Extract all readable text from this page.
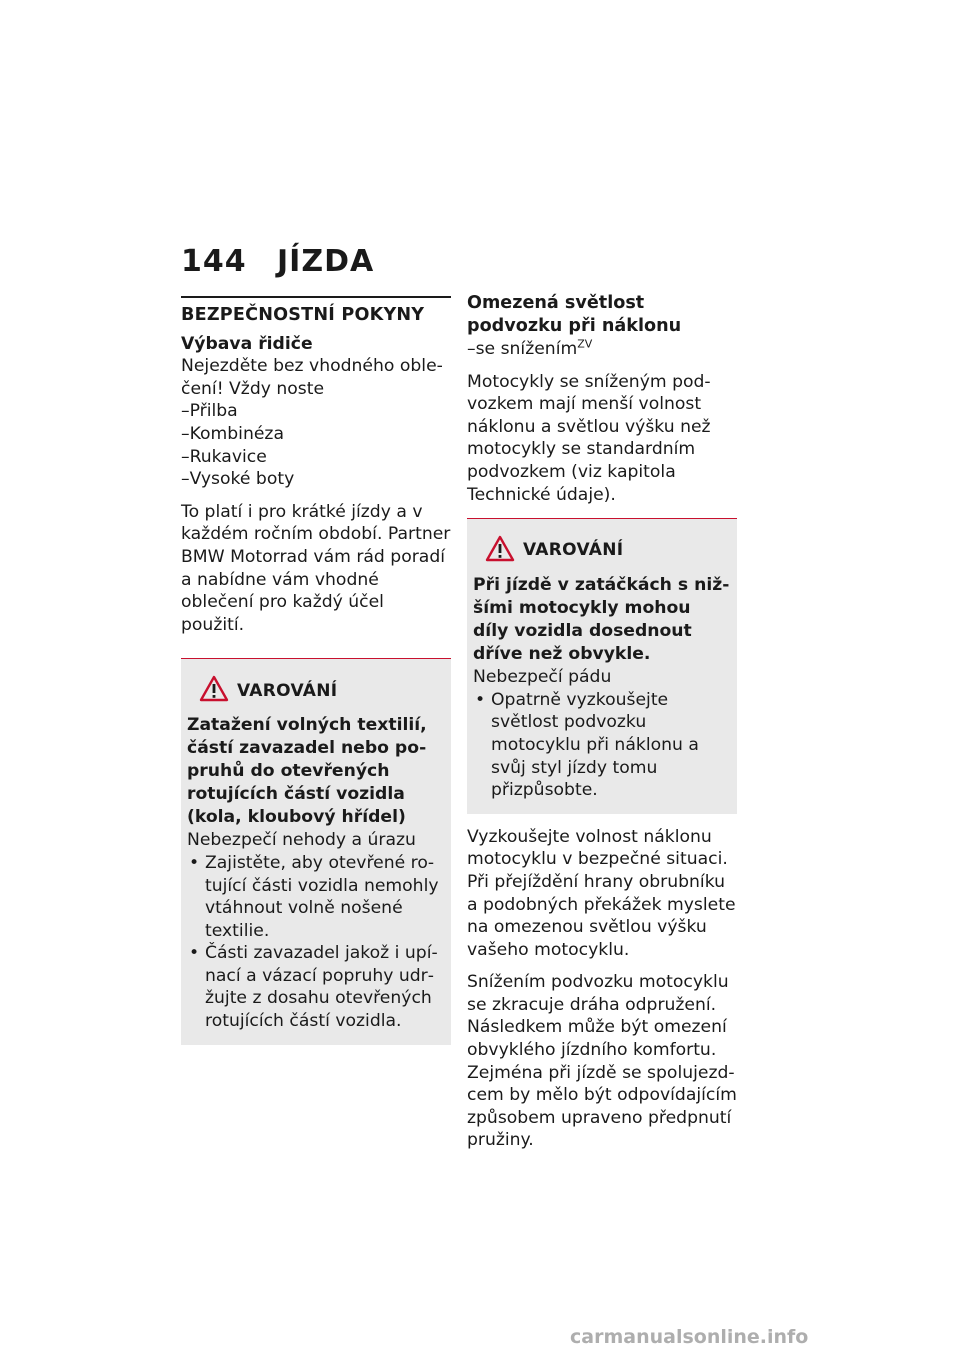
144 JÍZDA
BEZPEČNOSTNÍ POKYNY
Výbava řidiče

Nejezděte bez vhodného oblečení! Vždy noste

– Přilba
– Kombinéza
– Rukavice
– Vysoké boty

To platí i pro krátké jízdy a v každém ročním období. Partner BMW Motorrad vám rád poradí a nabídne vám vhodné oblečení pro každý účel použití.

VAROVÁNÍ
Zatažení volných textilií, částí zavazadel nebo popruhů do otevřených rotujících částí vozidla (kola, kloubový hřídel)
Nebezpečí nehody a úrazu
• Zajistěte, aby otevřené rotující části vozidla nemohly vtáhnout volně nošené textilie.
• Části zavazadel jakož i upínací a vázací popruhy udržujte z dosahu otevřených rotujících částí vozidla.
Omezená světlost podvozku při náklonu
–se snížením$^{ZV}$

Motocykly se sníženým podvozkem mají menší volnost náklonu a světlou výšku než motocykly se standardním podvozkem (viz kapitola Technické údaje).

VAROVÁNÍ
Při jízdě v zatáčkách s nižšími motocykly mohou díly vozidla dosednout dříve než obvykle.
Nebezpečí pádu
• Opatrně vyzkoušejte světlost podvozku motocyklu při náklonu a svůj styl jízdy tomu přizpůsobte.

Vyzkoušejte volnost náklonu motocyklu v bezpečné situaci. Při přejíždění hrany obrubníku a podobných překážek myslete na omezenou světlou výšku vašeho motocyklu.

Snížením podvozku motocyklu se zkracuje dráha odpružení. Následkem může být omezení obvyklého jízdního komfortu. Zejména při jízdě se spolujezdcem by mělo být odpovídajícím způsobem upraveno předpnutí pružiny.

carmanualsonline.info
